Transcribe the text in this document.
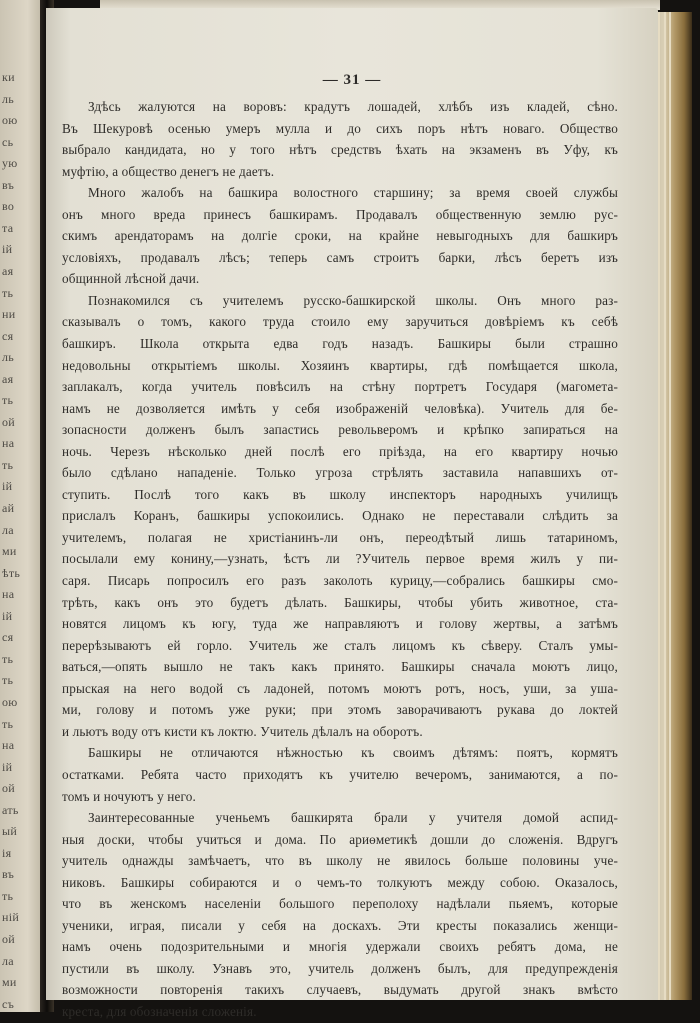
ки
ль
ою
сь
ую
въ
во
та
ій
ая
ть
ни
ся
ль
ая
ть
ой
на
ть
ій
ай
ла
ми
ѣть
на
ій
ся
ть
ть
ою
ть
на
ій
ой
ать
ый
ія
въ
ть
ній
ой
ла
ми
съ
— 31 —
Здѣсь жалуются на воровъ: крадутъ лошадей, хлѣбъ изъ кладей, сѣно.
Въ Шекуровѣ осенью умеръ мулла и до сихъ поръ нѣтъ новаго. Общество
выбрало кандидата, но у того нѣтъ средствъ ѣхать на экзаменъ въ Уфу, къ
муфтію, а общество денегъ не даетъ.
Много жалобъ на башкира волостного старшину; за время своей службы
онъ много вреда принесъ башкирамъ. Продавалъ общественную землю рус-
скимъ арендаторамъ на долгіе сроки, на крайне невыгодныхъ для башкиръ
условіяхъ, продавалъ лѣсъ; теперь самъ строитъ барки, лѣсъ беретъ изъ
общинной лѣсной дачи.
Познакомился съ учителемъ русско-башкирской школы. Онъ много раз-
сказывалъ о томъ, какого труда стоило ему заручиться довѣріемъ къ себѣ
башкиръ. Школа открыта едва годъ назадъ. Башкиры были страшно
недовольны открытіемъ школы. Хозяинъ квартиры, гдѣ помѣщается школа,
заплакалъ, когда учитель повѣсилъ на стѣну портретъ Государя (магомета-
намъ не дозволяется имѣть у себя изображеній человѣка). Учитель для бе-
зопасности долженъ былъ запастись револьверомъ и крѣпко запираться на
ночь. Черезъ нѣсколько дней послѣ его пріѣзда, на его квартиру ночью
было сдѣлано нападеніе. Только угроза стрѣлять заставила напавшихъ от-
ступить. Послѣ того какъ въ школу инспекторъ народныхъ училищъ
прислалъ Коранъ, башкиры успокоились. Однако не переставали слѣдить за
учителемъ, полагая не христіанинъ-ли онъ, переодѣтый лишь татариномъ,
посылали ему конину,—узнать, ѣстъ ли ?Учитель первое время жилъ у пи-
саря. Писарь попросилъ его разъ заколоть курицу,—собрались башкиры смо-
трѣть, какъ онъ это будетъ дѣлать. Башкиры, чтобы убить животное, ста-
новятся лицомъ къ югу, туда же направляютъ и голову жертвы, а затѣмъ
перерѣзываютъ ей горло. Учитель же сталъ лицомъ къ сѣверу. Сталъ умы-
ваться,—опять вышло не такъ какъ принято. Башкиры сначала моютъ лицо,
прыская на него водой съ ладоней, потомъ моютъ ротъ, носъ, уши, за уша-
ми, голову и потомъ уже руки; при этомъ заворачиваютъ рукава до локтей
и льютъ воду отъ кисти къ локтю. Учитель дѣлалъ на оборотъ.
Башкиры не отличаются нѣжностью къ своимъ дѣтямъ: поятъ, кормятъ
остатками. Ребята часто приходятъ къ учителю вечеромъ, занимаются, а по-
томъ и ночуютъ у него.
Заинтересованные ученьемъ башкирята брали у учителя домой аспид-
ныя доски, чтобы учиться и дома. По ариѳметикѣ дошли до сложенія. Вдругъ
учитель однажды замѣчаетъ, что въ школу не явилось больше половины уче-
никовъ. Башкиры собираются и о чемъ-то толкуютъ между собою. Оказалось,
что въ женскомъ населеніи большого переполоху надѣлали пьяемъ, которые
ученики, играя, писали у себя на доскахъ. Эти кресты показались женщи-
намъ очень подозрительными и многія удержали своихъ ребятъ дома, не
пустили въ школу. Узнавъ это, учитель долженъ былъ, для предупрежденія
возможности повторенія такихъ случаевъ, выдумать другой знакъ вмѣсто
креста, для обозначенія сложенія.
